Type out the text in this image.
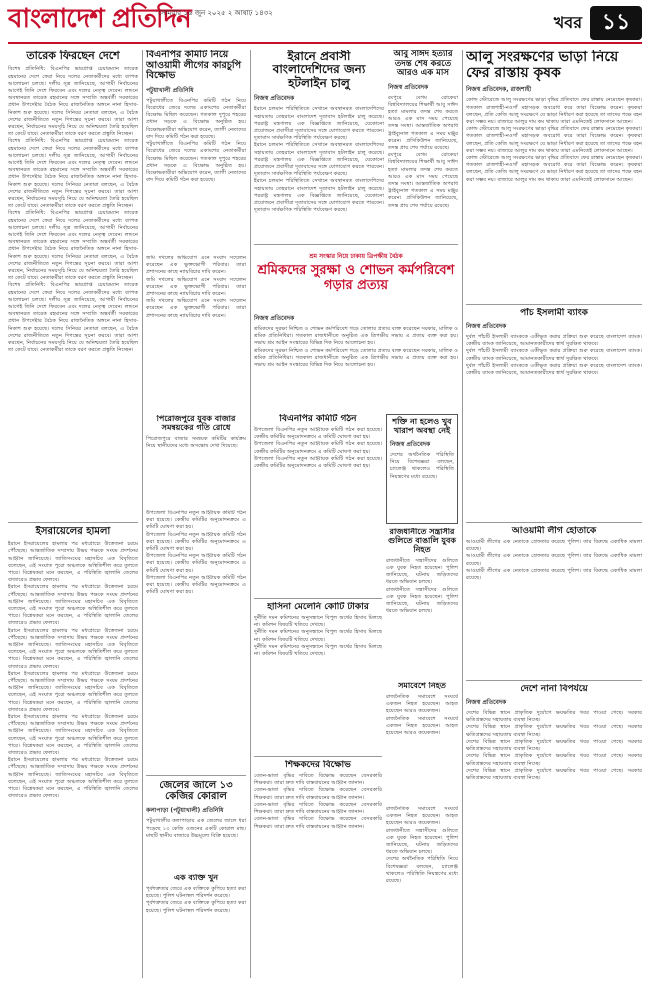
বাংলাদেশ প্রতিদিন
সোমবার ১৬ জুন ২০২৫ ২ আষাঢ় ১৪৩২	খবর ১১
তারেক ফিরছেন দেশে
বিশেষ প্রতিনিধি: বিএনপির ভারপ্রাপ্ত চেয়ারম্যান তারেক রহমানের দেশে ফেরা নিয়ে দলের নেতাকর্মীদের মধ্যে ব্যাপক আলোচনা চলছে। দলীয় সূত্র জানিয়েছে, আগামী নির্বাচনের আগেই তিনি দেশে ফিরবেন এবং দলের নেতৃত্ব দেবেন। লন্ডনে অবস্থানরত তারেক রহমানের সঙ্গে সম্প্রতি অন্তর্বর্তী সরকারের প্রধান উপদেষ্টার বৈঠক নিয়ে রাজনৈতিক অঙ্গনে নানা হিসাব-নিকাশ শুরু হয়েছে। দলের সিনিয়র নেতারা বলছেন, এ বৈঠক দেশের রাজনীতিতে নতুন দিগন্তের সূচনা করবে। তারা আশা করছেন, নির্বাচনের সময়সূচি নিয়ে যে অনিশ্চয়তা তৈরি হয়েছিল তা কেটে যাবে। নেতাকর্মীরা তাকে বরণ করতে প্রস্তুতি নিচ্ছেন।
বিশেষ প্রতিনিধি: বিএনপির ভারপ্রাপ্ত চেয়ারম্যান তারেক রহমানের দেশে ফেরা নিয়ে দলের নেতাকর্মীদের মধ্যে ব্যাপক আলোচনা চলছে। দলীয় সূত্র জানিয়েছে, আগামী নির্বাচনের আগেই তিনি দেশে ফিরবেন এবং দলের নেতৃত্ব দেবেন। লন্ডনে অবস্থানরত তারেক রহমানের সঙ্গে সম্প্রতি অন্তর্বর্তী সরকারের প্রধান উপদেষ্টার বৈঠক নিয়ে রাজনৈতিক অঙ্গনে নানা হিসাব-নিকাশ শুরু হয়েছে। দলের সিনিয়র নেতারা বলছেন, এ বৈঠক দেশের রাজনীতিতে নতুন দিগন্তের সূচনা করবে। তারা আশা করছেন, নির্বাচনের সময়সূচি নিয়ে যে অনিশ্চয়তা তৈরি হয়েছিল তা কেটে যাবে। নেতাকর্মীরা তাকে বরণ করতে প্রস্তুতি নিচ্ছেন।
বিশেষ প্রতিনিধি: বিএনপির ভারপ্রাপ্ত চেয়ারম্যান তারেক রহমানের দেশে ফেরা নিয়ে দলের নেতাকর্মীদের মধ্যে ব্যাপক আলোচনা চলছে। দলীয় সূত্র জানিয়েছে, আগামী নির্বাচনের আগেই তিনি দেশে ফিরবেন এবং দলের নেতৃত্ব দেবেন। লন্ডনে অবস্থানরত তারেক রহমানের সঙ্গে সম্প্রতি অন্তর্বর্তী সরকারের প্রধান উপদেষ্টার বৈঠক নিয়ে রাজনৈতিক অঙ্গনে নানা হিসাব-নিকাশ শুরু হয়েছে। দলের সিনিয়র নেতারা বলছেন, এ বৈঠক দেশের রাজনীতিতে নতুন দিগন্তের সূচনা করবে। তারা আশা করছেন, নির্বাচনের সময়সূচি নিয়ে যে অনিশ্চয়তা তৈরি হয়েছিল তা কেটে যাবে। নেতাকর্মীরা তাকে বরণ করতে প্রস্তুতি নিচ্ছেন।
বিশেষ প্রতিনিধি: বিএনপির ভারপ্রাপ্ত চেয়ারম্যান তারেক রহমানের দেশে ফেরা নিয়ে দলের নেতাকর্মীদের মধ্যে ব্যাপক আলোচনা চলছে। দলীয় সূত্র জানিয়েছে, আগামী নির্বাচনের আগেই তিনি দেশে ফিরবেন এবং দলের নেতৃত্ব দেবেন। লন্ডনে অবস্থানরত তারেক রহমানের সঙ্গে সম্প্রতি অন্তর্বর্তী সরকারের প্রধান উপদেষ্টার বৈঠক নিয়ে রাজনৈতিক অঙ্গনে নানা হিসাব-নিকাশ শুরু হয়েছে। দলের সিনিয়র নেতারা বলছেন, এ বৈঠক দেশের রাজনীতিতে নতুন দিগন্তের সূচনা করবে। তারা আশা করছেন, নির্বাচনের সময়সূচি নিয়ে যে অনিশ্চয়তা তৈরি হয়েছিল তা কেটে যাবে। নেতাকর্মীরা তাকে বরণ করতে প্রস্তুতি নিচ্ছেন।
ইসরায়েলের হামলা
ইরানে ইসরায়েলের হামলার পর মধ্যপ্রাচ্যে উত্তেজনা চরমে পৌঁছেছে। আন্তর্জাতিক সম্প্রদায় উভয় পক্ষকে সংযম প্রদর্শনের আহ্বান জানিয়েছে। জাতিসংঘের মহাসচিব এক বিবৃতিতে বলেছেন, এই সংঘাত পুরো অঞ্চলকে অস্থিতিশীল করে তুলতে পারে। বিশ্লেষকরা মনে করছেন, এ পরিস্থিতি জ্বালানি তেলের বাজারেও প্রভাব ফেলবে।
ইরানে ইসরায়েলের হামলার পর মধ্যপ্রাচ্যে উত্তেজনা চরমে পৌঁছেছে। আন্তর্জাতিক সম্প্রদায় উভয় পক্ষকে সংযম প্রদর্শনের আহ্বান জানিয়েছে। জাতিসংঘের মহাসচিব এক বিবৃতিতে বলেছেন, এই সংঘাত পুরো অঞ্চলকে অস্থিতিশীল করে তুলতে পারে। বিশ্লেষকরা মনে করছেন, এ পরিস্থিতি জ্বালানি তেলের বাজারেও প্রভাব ফেলবে।
ইরানে ইসরায়েলের হামলার পর মধ্যপ্রাচ্যে উত্তেজনা চরমে পৌঁছেছে। আন্তর্জাতিক সম্প্রদায় উভয় পক্ষকে সংযম প্রদর্শনের আহ্বান জানিয়েছে। জাতিসংঘের মহাসচিব এক বিবৃতিতে বলেছেন, এই সংঘাত পুরো অঞ্চলকে অস্থিতিশীল করে তুলতে পারে। বিশ্লেষকরা মনে করছেন, এ পরিস্থিতি জ্বালানি তেলের বাজারেও প্রভাব ফেলবে।
ইরানে ইসরায়েলের হামলার পর মধ্যপ্রাচ্যে উত্তেজনা চরমে পৌঁছেছে। আন্তর্জাতিক সম্প্রদায় উভয় পক্ষকে সংযম প্রদর্শনের আহ্বান জানিয়েছে। জাতিসংঘের মহাসচিব এক বিবৃতিতে বলেছেন, এই সংঘাত পুরো অঞ্চলকে অস্থিতিশীল করে তুলতে পারে। বিশ্লেষকরা মনে করছেন, এ পরিস্থিতি জ্বালানি তেলের বাজারেও প্রভাব ফেলবে।
ইরানে ইসরায়েলের হামলার পর মধ্যপ্রাচ্যে উত্তেজনা চরমে পৌঁছেছে। আন্তর্জাতিক সম্প্রদায় উভয় পক্ষকে সংযম প্রদর্শনের আহ্বান জানিয়েছে। জাতিসংঘের মহাসচিব এক বিবৃতিতে বলেছেন, এই সংঘাত পুরো অঞ্চলকে অস্থিতিশীল করে তুলতে পারে। বিশ্লেষকরা মনে করছেন, এ পরিস্থিতি জ্বালানি তেলের বাজারেও প্রভাব ফেলবে।
ইরানে ইসরায়েলের হামলার পর মধ্যপ্রাচ্যে উত্তেজনা চরমে পৌঁছেছে। আন্তর্জাতিক সম্প্রদায় উভয় পক্ষকে সংযম প্রদর্শনের আহ্বান জানিয়েছে। জাতিসংঘের মহাসচিব এক বিবৃতিতে বলেছেন, এই সংঘাত পুরো অঞ্চলকে অস্থিতিশীল করে তুলতে পারে। বিশ্লেষকরা মনে করছেন, এ পরিস্থিতি জ্বালানি তেলের বাজারেও প্রভাব ফেলবে।
বিএনপির কমিটি নিয়ে আওয়ামী লীগের কারচুপি বিক্ষোভ
পটুয়াখালী প্রতিনিধি
পটুয়াখালীতে বিএনপির কমিটি গঠন নিয়ে বিরোধের জেরে দলের একাংশের নেতাকর্মীরা বিক্ষোভ মিছিল করেছেন। গতকাল দুপুরে শহরের প্রধান সড়কে এ বিক্ষোভ অনুষ্ঠিত হয়। বিক্ষোভকারীরা অভিযোগ করেন, ত্যাগী নেতাদের বাদ দিয়ে কমিটি গঠন করা হয়েছে।
পটুয়াখালীতে বিএনপির কমিটি গঠন নিয়ে বিরোধের জেরে দলের একাংশের নেতাকর্মীরা বিক্ষোভ মিছিল করেছেন। গতকাল দুপুরে শহরের প্রধান সড়কে এ বিক্ষোভ অনুষ্ঠিত হয়। বিক্ষোভকারীরা অভিযোগ করেন, ত্যাগী নেতাদের বাদ দিয়ে কমিটি গঠন করা হয়েছে।
জমি দখলের অভিযোগ এনে সংবাদ সম্মেলন করেছেন এক ভুক্তভোগী পরিবার। তারা প্রশাসনের কাছে ন্যায়বিচার দাবি করেন।
জমি দখলের অভিযোগ এনে সংবাদ সম্মেলন করেছেন এক ভুক্তভোগী পরিবার। তারা প্রশাসনের কাছে ন্যায়বিচার দাবি করেন।
জমি দখলের অভিযোগ এনে সংবাদ সম্মেলন করেছেন এক ভুক্তভোগী পরিবার। তারা প্রশাসনের কাছে ন্যায়বিচার দাবি করেন।
পিরোজপুরে যুবক বাজার সমন্বয়কের গতি রোধে
পিরোজপুরে বাজার সমন্বয়ক কমিটির কার্যক্রম নিয়ে স্থানীয়দের মধ্যে অসন্তোষ দেখা দিয়েছে।
উপজেলা বিএনপির নতুন আহ্বায়ক কমিটি গঠন করা হয়েছে। কেন্দ্রীয় কমিটির অনুমোদনক্রমে এ কমিটি ঘোষণা করা হয়।
উপজেলা বিএনপির নতুন আহ্বায়ক কমিটি গঠন করা হয়েছে। কেন্দ্রীয় কমিটির অনুমোদনক্রমে এ কমিটি ঘোষণা করা হয়।
উপজেলা বিএনপির নতুন আহ্বায়ক কমিটি গঠন করা হয়েছে। কেন্দ্রীয় কমিটির অনুমোদনক্রমে এ কমিটি ঘোষণা করা হয়।
উপজেলা বিএনপির নতুন আহ্বায়ক কমিটি গঠন করা হয়েছে। কেন্দ্রীয় কমিটির অনুমোদনক্রমে এ কমিটি ঘোষণা করা হয়।
জেলের জালে ১৩ কেজির কোরাল
কলাপাড়া (পটুয়াখালী) প্রতিনিধি
পটুয়াখালীর কলাপাড়ায় এক জেলের জালে ধরা পড়েছে ১৩ কেজি ওজনের একটি কোরাল মাছ। মাছটি স্থানীয় বাজারে উচ্চমূল্যে বিক্রি হয়েছে।
এক ব্যক্তি খুন
পূর্বশত্রুতার জেরে এক ব্যক্তিকে কুপিয়ে হত্যা করা হয়েছে। পুলিশ ঘটনাস্থল পরিদর্শন করেছে।
পূর্বশত্রুতার জেরে এক ব্যক্তিকে কুপিয়ে হত্যা করা হয়েছে। পুলিশ ঘটনাস্থল পরিদর্শন করেছে।
ইরানে প্রবাসী বাংলাদেশিদের জন্য হটলাইন চালু
নিজস্ব প্রতিবেদক
ইরানে চলমান পরিস্থিতিতে সেখানে অবস্থানরত বাংলাদেশিদের সহায়তায় তেহরানে বাংলাদেশ দূতাবাস হটলাইন চালু করেছে। পররাষ্ট্র মন্ত্রণালয় এক বিজ্ঞপ্তিতে জানিয়েছে, যেকোনো প্রয়োজনে প্রবাসীরা দূতাবাসের সঙ্গে যোগাযোগ করতে পারবেন। দূতাবাস সার্বক্ষণিক পরিস্থিতি পর্যবেক্ষণ করছে।
ইরানে চলমান পরিস্থিতিতে সেখানে অবস্থানরত বাংলাদেশিদের সহায়তায় তেহরানে বাংলাদেশ দূতাবাস হটলাইন চালু করেছে। পররাষ্ট্র মন্ত্রণালয় এক বিজ্ঞপ্তিতে জানিয়েছে, যেকোনো প্রয়োজনে প্রবাসীরা দূতাবাসের সঙ্গে যোগাযোগ করতে পারবেন। দূতাবাস সার্বক্ষণিক পরিস্থিতি পর্যবেক্ষণ করছে।
ইরানে চলমান পরিস্থিতিতে সেখানে অবস্থানরত বাংলাদেশিদের সহায়তায় তেহরানে বাংলাদেশ দূতাবাস হটলাইন চালু করেছে। পররাষ্ট্র মন্ত্রণালয় এক বিজ্ঞপ্তিতে জানিয়েছে, যেকোনো প্রয়োজনে প্রবাসীরা দূতাবাসের সঙ্গে যোগাযোগ করতে পারবেন। দূতাবাস সার্বক্ষণিক পরিস্থিতি পর্যবেক্ষণ করছে।
আবু সাঈদ হত্যার তদন্ত শেষ করতে আরও এক মাস
নিজস্ব প্রতিবেদক
রংপুরে বেগম রোকেয়া বিশ্ববিদ্যালয়ের শিক্ষার্থী আবু সাঈদ হত্যা মামলার তদন্ত শেষ করতে আরও এক মাস সময় পেয়েছে তদন্ত সংস্থা। আন্তর্জাতিক অপরাধ ট্রাইব্যুনাল গতকাল এ সময় মঞ্জুর করেন। প্রসিকিউশন জানিয়েছে, তদন্ত প্রায় শেষ পর্যায়ে রয়েছে।
রংপুরে বেগম রোকেয়া বিশ্ববিদ্যালয়ের শিক্ষার্থী আবু সাঈদ হত্যা মামলার তদন্ত শেষ করতে আরও এক মাস সময় পেয়েছে তদন্ত সংস্থা। আন্তর্জাতিক অপরাধ ট্রাইব্যুনাল গতকাল এ সময় মঞ্জুর করেন। প্রসিকিউশন জানিয়েছে, তদন্ত প্রায় শেষ পর্যায়ে রয়েছে।
আলু সংরক্ষণের ভাড়া নিয়ে ফের রাস্তায় কৃষক
নিজস্ব প্রতিবেদক, রাজশাহী
কোল্ড স্টোরেজে আলু সংরক্ষণের ভাড়া বৃদ্ধির প্রতিবাদে ফের রাস্তায় নেমেছেন কৃষকরা। গতকাল রাজশাহী-নওগাঁ মহাসড়ক অবরোধ করে তারা বিক্ষোভ করেন। কৃষকরা বলছেন, প্রতি কেজি আলু সংরক্ষণে যে ভাড়া নির্ধারণ করা হয়েছে তা তাদের পক্ষে বহন করা সম্ভব নয়। বাজারে আলুর দাম কম থাকায় তারা এমনিতেই লোকসানে আছেন।
কোল্ড স্টোরেজে আলু সংরক্ষণের ভাড়া বৃদ্ধির প্রতিবাদে ফের রাস্তায় নেমেছেন কৃষকরা। গতকাল রাজশাহী-নওগাঁ মহাসড়ক অবরোধ করে তারা বিক্ষোভ করেন। কৃষকরা বলছেন, প্রতি কেজি আলু সংরক্ষণে যে ভাড়া নির্ধারণ করা হয়েছে তা তাদের পক্ষে বহন করা সম্ভব নয়। বাজারে আলুর দাম কম থাকায় তারা এমনিতেই লোকসানে আছেন।
কোল্ড স্টোরেজে আলু সংরক্ষণের ভাড়া বৃদ্ধির প্রতিবাদে ফের রাস্তায় নেমেছেন কৃষকরা। গতকাল রাজশাহী-নওগাঁ মহাসড়ক অবরোধ করে তারা বিক্ষোভ করেন। কৃষকরা বলছেন, প্রতি কেজি আলু সংরক্ষণে যে ভাড়া নির্ধারণ করা হয়েছে তা তাদের পক্ষে বহন করা সম্ভব নয়। বাজারে আলুর দাম কম থাকায় তারা এমনিতেই লোকসানে আছেন।
শ্রম সংস্কার নিয়ে ঢাকায় ত্রিপক্ষীয় বৈঠক
শ্রমিকদের সুরক্ষা ও শোভন কর্মপরিবেশ গড়ার প্রত্যয়
নিজস্ব প্রতিবেদক
শ্রমিকদের সুরক্ষা নিশ্চিত ও শোভন কর্মপরিবেশ গড়ে তোলার প্রত্যয় ব্যক্ত করেছেন সরকার, মালিক ও শ্রমিক প্রতিনিধিরা। গতকাল রাজধানীতে অনুষ্ঠিত এক ত্রিপক্ষীয় সভায় এ প্রত্যয় ব্যক্ত করা হয়। সভায় শ্রম আইন সংস্কারের বিভিন্ন দিক নিয়ে আলোচনা হয়।
শ্রমিকদের সুরক্ষা নিশ্চিত ও শোভন কর্মপরিবেশ গড়ে তোলার প্রত্যয় ব্যক্ত করেছেন সরকার, মালিক ও শ্রমিক প্রতিনিধিরা। গতকাল রাজধানীতে অনুষ্ঠিত এক ত্রিপক্ষীয় সভায় এ প্রত্যয় ব্যক্ত করা হয়। সভায় শ্রম আইন সংস্কারের বিভিন্ন দিক নিয়ে আলোচনা হয়।
বিএনপির কমিটি গঠন
উপজেলা বিএনপির নতুন আহ্বায়ক কমিটি গঠন করা হয়েছে। কেন্দ্রীয় কমিটির অনুমোদনক্রমে এ কমিটি ঘোষণা করা হয়।
উপজেলা বিএনপির নতুন আহ্বায়ক কমিটি গঠন করা হয়েছে। কেন্দ্রীয় কমিটির অনুমোদনক্রমে এ কমিটি ঘোষণা করা হয়।
উপজেলা বিএনপির নতুন আহ্বায়ক কমিটি গঠন করা হয়েছে। কেন্দ্রীয় কমিটির অনুমোদনক্রমে এ কমিটি ঘোষণা করা হয়।
শক্তি না হলেও খুব খারাপ অবস্থা নেই
নিজস্ব প্রতিবেদক
দেশের অর্থনৈতিক পরিস্থিতি নিয়ে বিশেষজ্ঞরা বলছেন, চ্যালেঞ্জ থাকলেও পরিস্থিতি নিয়ন্ত্রণের মধ্যে রয়েছে।
হাসিনা মেলেনি কোটি টাকার
দুর্নীতি দমন কমিশনের অনুসন্ধানে বিপুল অর্থের হিসাব মিলছে না। কমিশন বিষয়টি খতিয়ে দেখছে।
দুর্নীতি দমন কমিশনের অনুসন্ধানে বিপুল অর্থের হিসাব মিলছে না। কমিশন বিষয়টি খতিয়ে দেখছে।
দুর্নীতি দমন কমিশনের অনুসন্ধানে বিপুল অর্থের হিসাব মিলছে না। কমিশন বিষয়টি খতিয়ে দেখছে।
রাজধানীতে সন্ত্রাসীর গুলিতে বাঙালি যুবক নিহত
রাজধানীতে সন্ত্রাসীদের গুলিতে এক যুবক নিহত হয়েছেন। পুলিশ জানিয়েছে, ঘটনায় জড়িতদের ধরতে অভিযান চলছে।
রাজধানীতে সন্ত্রাসীদের গুলিতে এক যুবক নিহত হয়েছেন। পুলিশ জানিয়েছে, ঘটনায় জড়িতদের ধরতে অভিযান চলছে।
সমাবেশে নিহত
রাজনৈতিক সমাবেশে সংঘর্ষে একজন নিহত হয়েছেন। আহত হয়েছেন আরও কয়েকজন।
রাজনৈতিক সমাবেশে সংঘর্ষে একজন নিহত হয়েছেন। আহত হয়েছেন আরও কয়েকজন।
শিক্ষকদের বিক্ষোভ
বেতন-ভাতা বৃদ্ধির দাবিতে বিক্ষোভ করেছেন বেসরকারি শিক্ষকরা। তারা দ্রুত দাবি বাস্তবায়নের আহ্বান জানান।
বেতন-ভাতা বৃদ্ধির দাবিতে বিক্ষোভ করেছেন বেসরকারি শিক্ষকরা। তারা দ্রুত দাবি বাস্তবায়নের আহ্বান জানান।
বেতন-ভাতা বৃদ্ধির দাবিতে বিক্ষোভ করেছেন বেসরকারি শিক্ষকরা। তারা দ্রুত দাবি বাস্তবায়নের আহ্বান জানান।
বেতন-ভাতা বৃদ্ধির দাবিতে বিক্ষোভ করেছেন বেসরকারি শিক্ষকরা। তারা দ্রুত দাবি বাস্তবায়নের আহ্বান জানান।
রাজনৈতিক সমাবেশে সংঘর্ষে একজন নিহত হয়েছেন। আহত হয়েছেন আরও কয়েকজন।
রাজধানীতে সন্ত্রাসীদের গুলিতে এক যুবক নিহত হয়েছেন। পুলিশ জানিয়েছে, ঘটনায় জড়িতদের ধরতে অভিযান চলছে।
দেশের অর্থনৈতিক পরিস্থিতি নিয়ে বিশেষজ্ঞরা বলছেন, চ্যালেঞ্জ থাকলেও পরিস্থিতি নিয়ন্ত্রণের মধ্যে রয়েছে।
পাঁচ ইসলামী ব্যাংক
নিজস্ব প্রতিবেদক
দুর্বল পাঁচটি ইসলামী ব্যাংককে একীভূত করার প্রক্রিয়া শুরু করেছে বাংলাদেশ ব্যাংক। কেন্দ্রীয় ব্যাংক জানিয়েছে, আমানতকারীদের স্বার্থ সুরক্ষিত থাকবে।
দুর্বল পাঁচটি ইসলামী ব্যাংককে একীভূত করার প্রক্রিয়া শুরু করেছে বাংলাদেশ ব্যাংক। কেন্দ্রীয় ব্যাংক জানিয়েছে, আমানতকারীদের স্বার্থ সুরক্ষিত থাকবে।
দুর্বল পাঁচটি ইসলামী ব্যাংককে একীভূত করার প্রক্রিয়া শুরু করেছে বাংলাদেশ ব্যাংক। কেন্দ্রীয় ব্যাংক জানিয়েছে, আমানতকারীদের স্বার্থ সুরক্ষিত থাকবে।
আওয়ামী লীগ হোতাকে
আওয়ামী লীগের এক নেতাকে গ্রেফতার করেছে পুলিশ। তার বিরুদ্ধে একাধিক মামলা রয়েছে।
আওয়ামী লীগের এক নেতাকে গ্রেফতার করেছে পুলিশ। তার বিরুদ্ধে একাধিক মামলা রয়েছে।
আওয়ামী লীগের এক নেতাকে গ্রেফতার করেছে পুলিশ। তার বিরুদ্ধে একাধিক মামলা রয়েছে।
দেশে নানা বিপর্যয়ে
নিজস্ব প্রতিবেদক
দেশের বিভিন্ন স্থানে প্রাকৃতিক দুর্যোগে ক্ষয়ক্ষতির খবর পাওয়া গেছে। সরকার ক্ষতিগ্রস্তদের সহায়তায় ব্যবস্থা নিচ্ছে।
দেশের বিভিন্ন স্থানে প্রাকৃতিক দুর্যোগে ক্ষয়ক্ষতির খবর পাওয়া গেছে। সরকার ক্ষতিগ্রস্তদের সহায়তায় ব্যবস্থা নিচ্ছে।
দেশের বিভিন্ন স্থানে প্রাকৃতিক দুর্যোগে ক্ষয়ক্ষতির খবর পাওয়া গেছে। সরকার ক্ষতিগ্রস্তদের সহায়তায় ব্যবস্থা নিচ্ছে।
দেশের বিভিন্ন স্থানে প্রাকৃতিক দুর্যোগে ক্ষয়ক্ষতির খবর পাওয়া গেছে। সরকার ক্ষতিগ্রস্তদের সহায়তায় ব্যবস্থা নিচ্ছে।
দেশের বিভিন্ন স্থানে প্রাকৃতিক দুর্যোগে ক্ষয়ক্ষতির খবর পাওয়া গেছে। সরকার ক্ষতিগ্রস্তদের সহায়তায় ব্যবস্থা নিচ্ছে।
